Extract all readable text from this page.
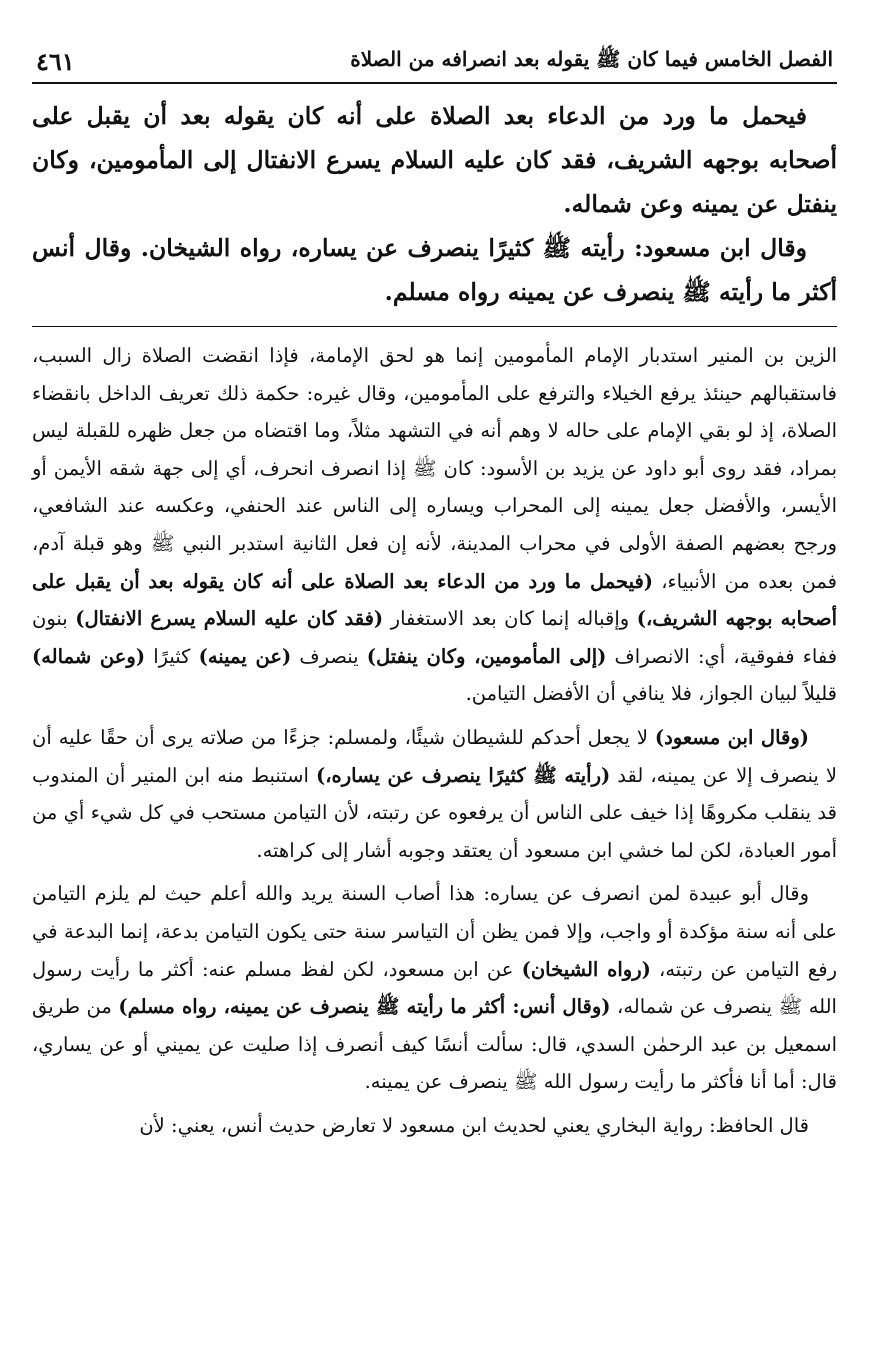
الفصل الخامس فيما كان ﷺ يقوله بعد انصرافه من الصلاة
٤٦١

فيحمل ما ورد من الدعاء بعد الصلاة على أنه كان يقوله بعد أن يقبل على أصحابه بوجهه الشريف، فقد كان عليه السلام يسرع الانفتال إلى المأمومين، وكان ينفتل عن يمينه وعن شماله.

وقال ابن مسعود: رأيته ﷺ كثيرًا ينصرف عن يساره، رواه الشيخان. وقال أنس أكثر ما رأيته ﷺ ينصرف عن يمينه رواه مسلم.

الزين بن المنير استدبار الإمام المأمومين إنما هو لحق الإمامة، فإذا انقضت الصلاة زال السبب، فاستقبالهم حينئذ يرفع الخيلاء والترفع على المأمومين، وقال غيره: حكمة ذلك تعريف الداخل بانقضاء الصلاة، إذ لو بقي الإمام على حاله لا وهم أنه في التشهد مثلاً، وما اقتضاه من جعل ظهره للقبلة ليس بمراد، فقد روى أبو داود عن يزيد بن الأسود: كان ﷺ إذا انصرف انحرف، أي إلى جهة شقه الأيمن أو الأيسر، والأفضل جعل يمينه إلى المحراب ويساره إلى الناس عند الحنفي، وعكسه عند الشافعي، ورجح بعضهم الصفة الأولى في محراب المدينة، لأنه إن فعل الثانية استدبر النبي ﷺ وهو قبلة آدم، فمن بعده من الأنبياء، (فيحمل ما ورد من الدعاء بعد الصلاة على أنه كان يقوله بعد أن يقبل على أصحابه بوجهه الشريف،) وإقباله إنما كان بعد الاستغفار (فقد كان عليه السلام يسرع الانفتال) بنون ففاء ففوقية، أي: الانصراف (إلى المأمومين، وكان ينفتل) ينصرف (عن يمينه) كثيرًا (وعن شماله) قليلاً لبيان الجواز، فلا ينافي أن الأفضل التيامن.

(وقال ابن مسعود) لا يجعل أحدكم للشيطان شيئًا، ولمسلم: جزءًا من صلاته يرى أن حقًا عليه أن لا ينصرف إلا عن يمينه، لقد (رأيته ﷺ كثيرًا ينصرف عن يساره،) استنبط منه ابن المنير أن المندوب قد ينقلب مكروهًا إذا خيف على الناس أن يرفعوه عن رتبته، لأن التيامن مستحب في كل شيء أي من أمور العبادة، لكن لما خشي ابن مسعود أن يعتقد وجوبه أشار إلى كراهته.

وقال أبو عبيدة لمن انصرف عن يساره: هذا أصاب السنة يريد والله أعلم حيث لم يلزم التيامن على أنه سنة مؤكدة أو واجب، وإلا فمن يظن أن التياسر سنة حتى يكون التيامن بدعة، إنما البدعة في رفع التيامن عن رتبته، (رواه الشيخان) عن ابن مسعود، لكن لفظ مسلم عنه: أكثر ما رأيت رسول الله ﷺ ينصرف عن شماله، (وقال أنس: أكثر ما رأيته ﷺ ينصرف عن يمينه، رواه مسلم) من طريق اسمعيل بن عبد الرحمٰن السدي، قال: سألت أنسًا كيف أنصرف إذا صليت عن يميني أو عن يساري، قال: أما أنا فأكثر ما رأيت رسول الله ﷺ ينصرف عن يمينه.

قال الحافظ: رواية البخاري يعني لحديث ابن مسعود لا تعارض حديث أنس، يعني: لأن
